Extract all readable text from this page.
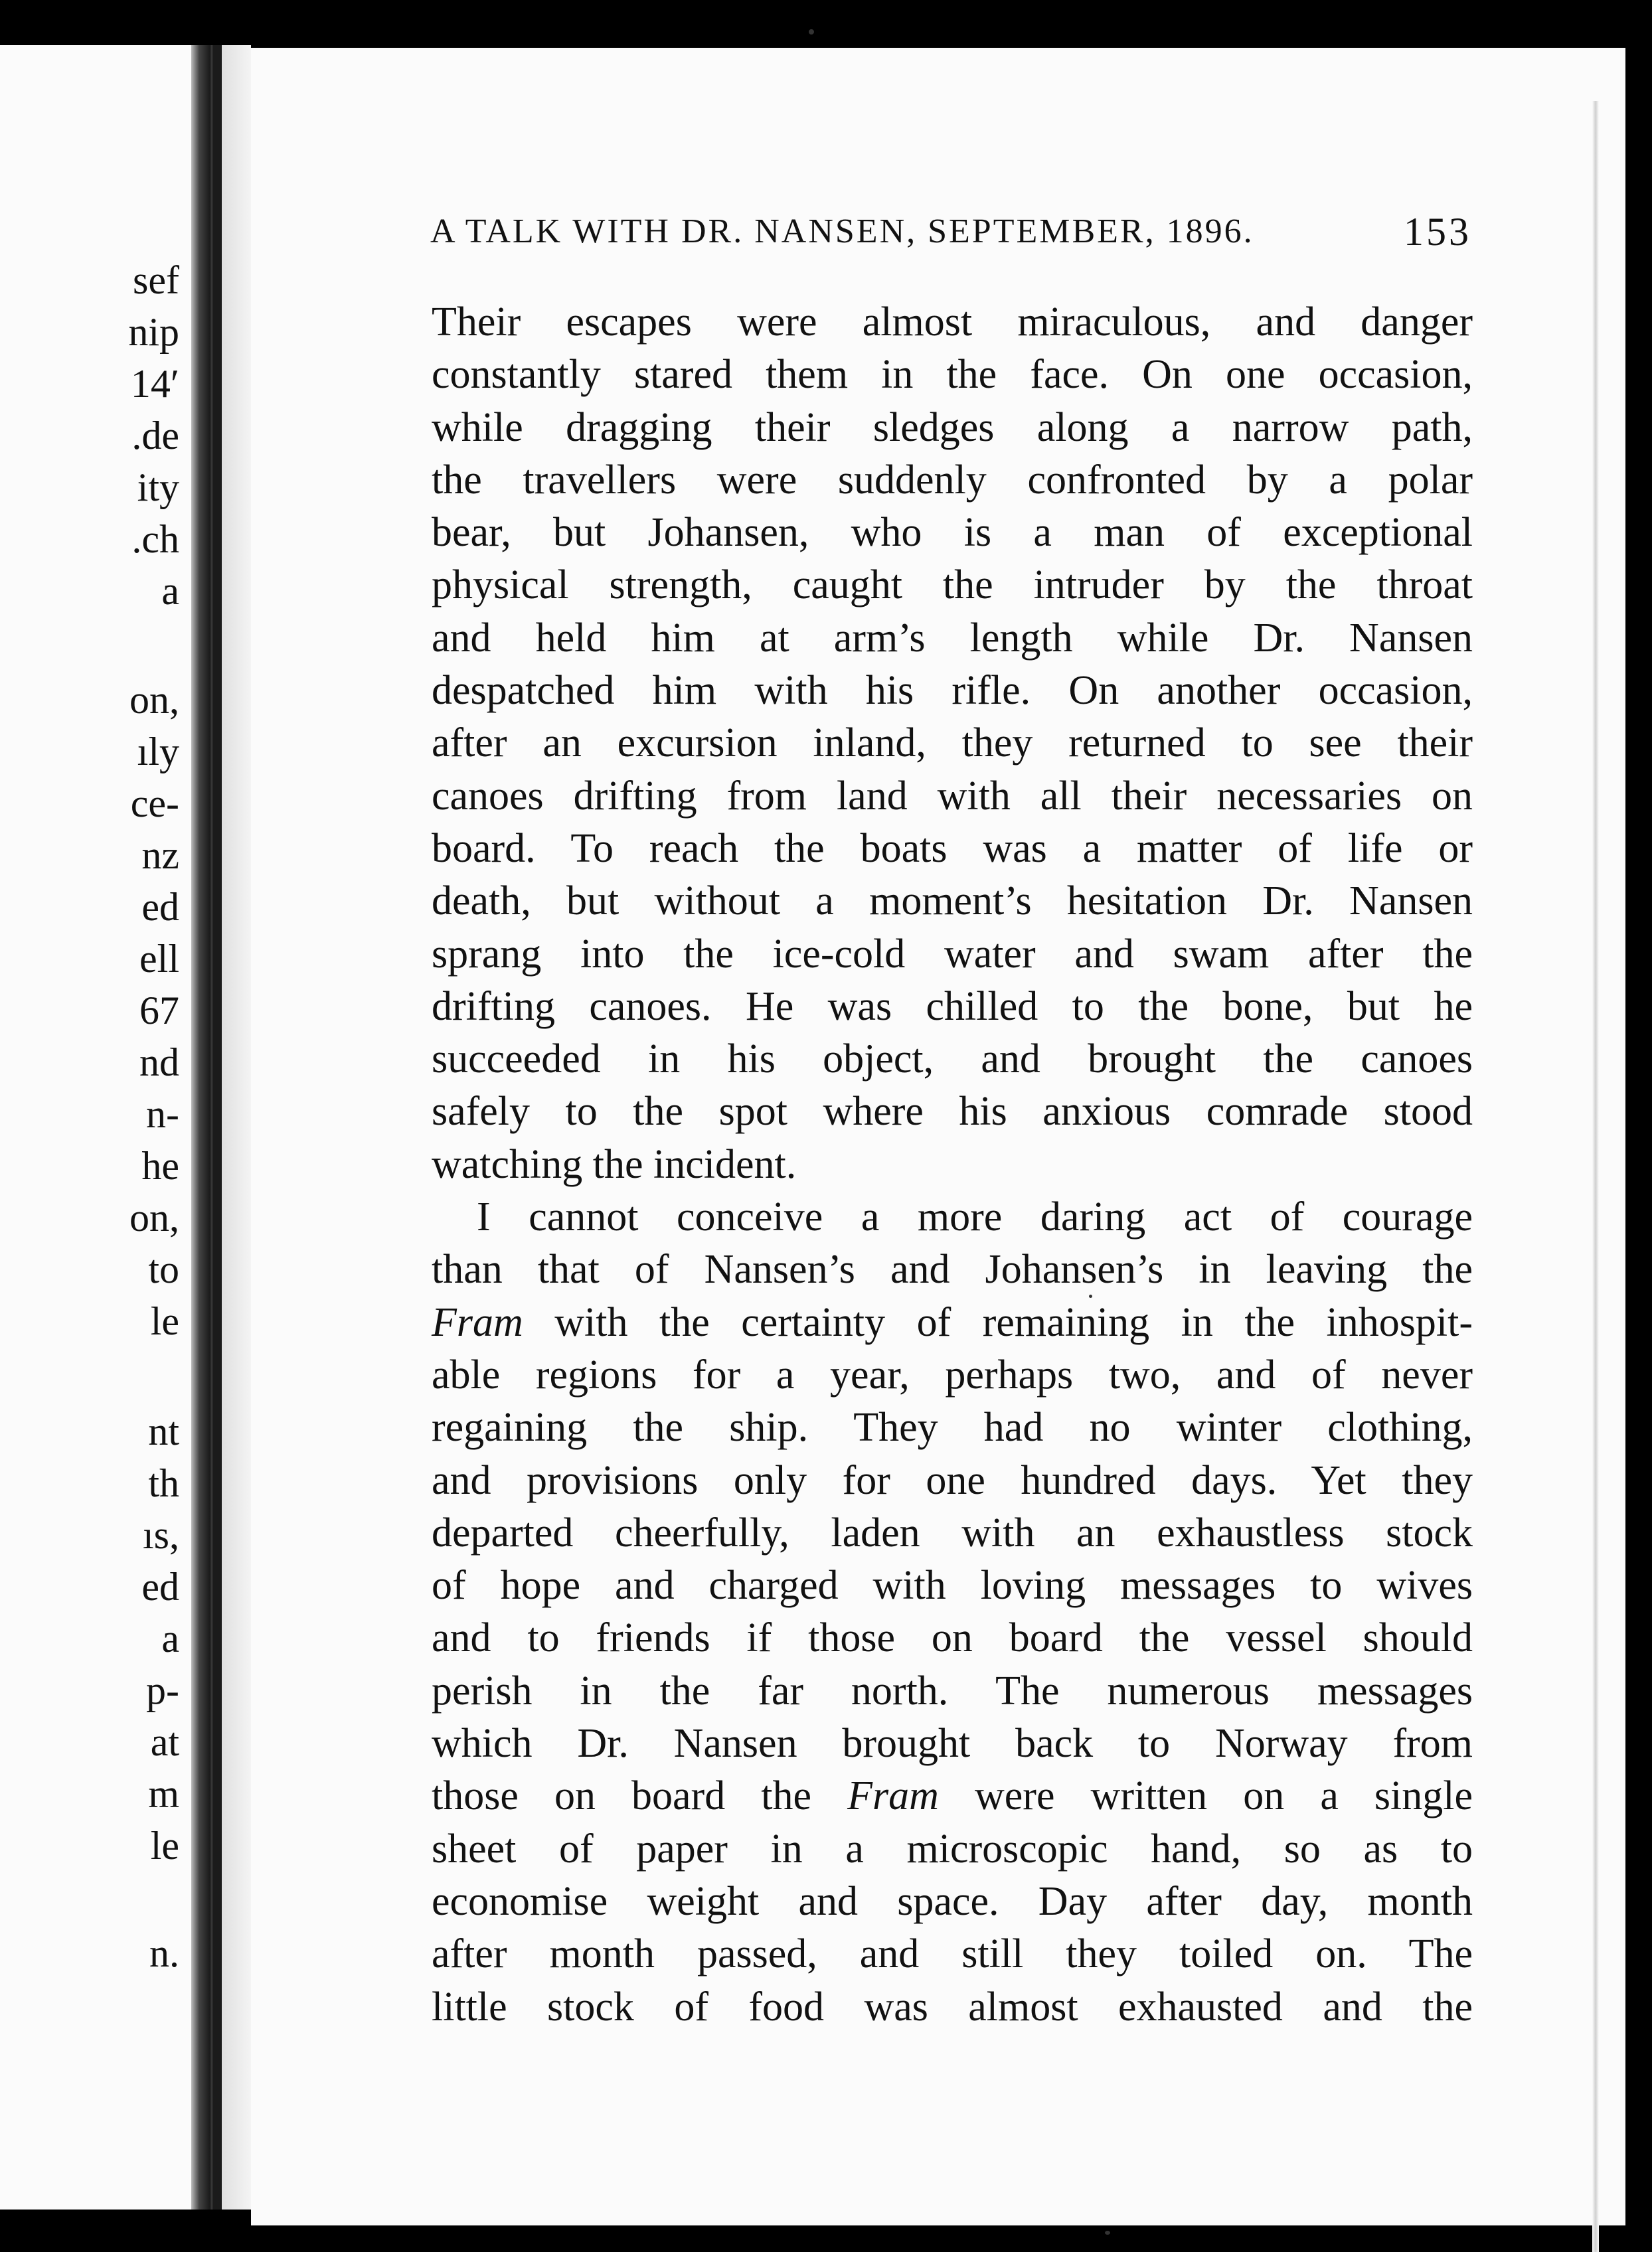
sef
nip
14′
.de
ity
.ch
a
on,
ıly
ce-
nz
ed
ell
67
nd
n-
he
on,
to
le
nt
th
ıs,
ed
a
p-
at
m
le
n.
A TALK WITH DR. NANSEN, SEPTEMBER, 1896.	153
Their escapes were almost miraculous, and danger
constantly stared them in the face. On one occasion,
while dragging their sledges along a narrow path,
the travellers were suddenly confronted by a polar
bear, but Johansen, who is a man of exceptional
physical strength, caught the intruder by the throat
and held him at arm’s length while Dr. Nansen
despatched him with his rifle. On another occasion,
after an excursion inland, they returned to see their
canoes drifting from land with all their necessaries on
board. To reach the boats was a matter of life or
death, but without a moment’s hesitation Dr. Nansen
sprang into the ice-cold water and swam after the
drifting canoes. He was chilled to the bone, but he
succeeded in his object, and brought the canoes
safely to the spot where his anxious comrade stood
watching the incident.
I cannot conceive a more daring act of courage
than that of Nansen’s and Johansen’s in leaving the
Fram with the certainty of remaining in the inhospit-
able regions for a year, perhaps two, and of never
regaining the ship. They had no winter clothing,
and provisions only for one hundred days. Yet they
departed cheerfully, laden with an exhaustless stock
of hope and charged with loving messages to wives
and to friends if those on board the vessel should
perish in the far north. The numerous messages
which Dr. Nansen brought back to Norway from
those on board the Fram were written on a single
sheet of paper in a microscopic hand, so as to
economise weight and space. Day after day, month
after month passed, and still they toiled on. The
little stock of food was almost exhausted and the
